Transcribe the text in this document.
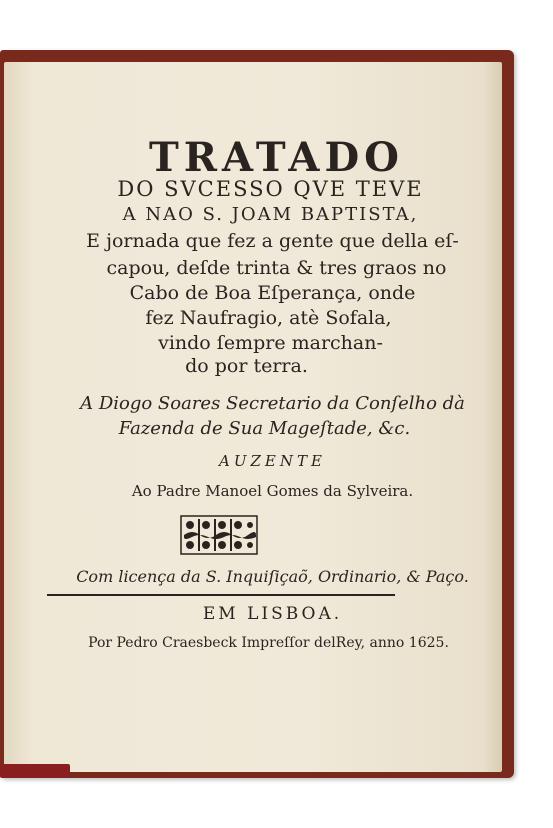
TRATADO
DO SVCESSO QVE TEVE
A NAO S. JOAM BAPTISTA,
E jornada que fez a gente que della eſ-
capou, deſde trinta & tres graos no
Cabo de Boa Eſperança, onde
fez Naufragio, atè Sofala,
vindo ſempre marchan-
do por terra.
A Diogo Soares Secretario da Conſelho dà
Fazenda de Sua Mageſtade, &c.
AUZENTE
Ao Padre Manoel Gomes da Sylveira.
Com licença da S. Inquiſiçaõ, Ordinario, & Paço.
EM LISBOA.
Por Pedro Craesbeck Impreſſor delRey, anno 1625.
